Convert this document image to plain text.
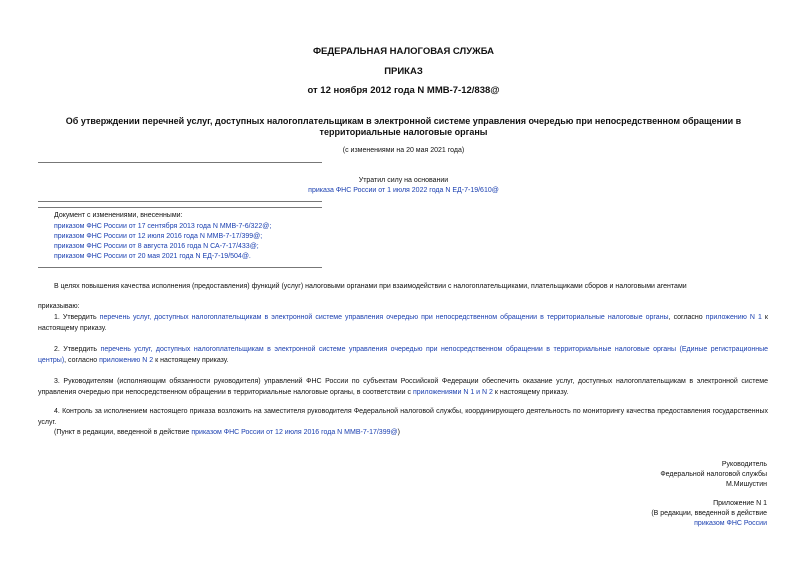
ФЕДЕРАЛЬНАЯ НАЛОГОВАЯ СЛУЖБА
ПРИКАЗ
от 12 ноября 2012 года N ММВ-7-12/838@
Об утверждении перечней услуг, доступных налогоплательщикам в электронной системе управления очередью при непосредственном обращении в
территориальные налоговые органы
(с изменениями на 20 мая 2021 года)
Утратил силу на основании
приказа ФНС России от 1 июля 2022 года N ЕД-7-19/610@
Документ с изменениями, внесенными:
приказом ФНС России от 17 сентября 2013 года N ММВ-7-6/322@;
приказом ФНС России от 12 июля 2016 года N ММВ-7-17/399@;
приказом ФНС России от 8 августа 2016 года N СА-7-17/433@;
приказом ФНС России от 20 мая 2021 года N ЕД-7-19/504@.
В целях повышения качества исполнения (предоставления) функций (услуг) налоговыми органами при взаимодействии с налогоплательщиками, плательщиками сборов и налоговыми агентами
приказываю:
1. Утвердить перечень услуг, доступных налогоплательщикам в электронной системе управления очередью при непосредственном обращении в территориальные налоговые органы, согласно приложению N 1 к настоящему приказу.
2. Утвердить перечень услуг, доступных налогоплательщикам в электронной системе управления очередью при непосредственном обращении в территориальные налоговые органы (Единые регистрационные центры), согласно приложению N 2 к настоящему приказу.
3. Руководителям (исполняющим обязанности руководителя) управлений ФНС России по субъектам Российской Федерации обеспечить оказание услуг, доступных налогоплательщикам в электронной системе управления очередью при непосредственном обращении в территориальные налоговые органы, в соответствии с приложениями N 1 и N 2 к настоящему приказу.
4. Контроль за исполнением настоящего приказа возложить на заместителя руководителя Федеральной налоговой службы, координирующего деятельность по мониторингу качества предоставления государственных услуг.
(Пункт в редакции, введенной в действие приказом ФНС России от 12 июля 2016 года N ММВ-7-17/399@)
Руководитель
Федеральной налоговой службы
М.Мишустин
Приложение N 1
(В редакции, введенной в действие
приказом ФНС России
